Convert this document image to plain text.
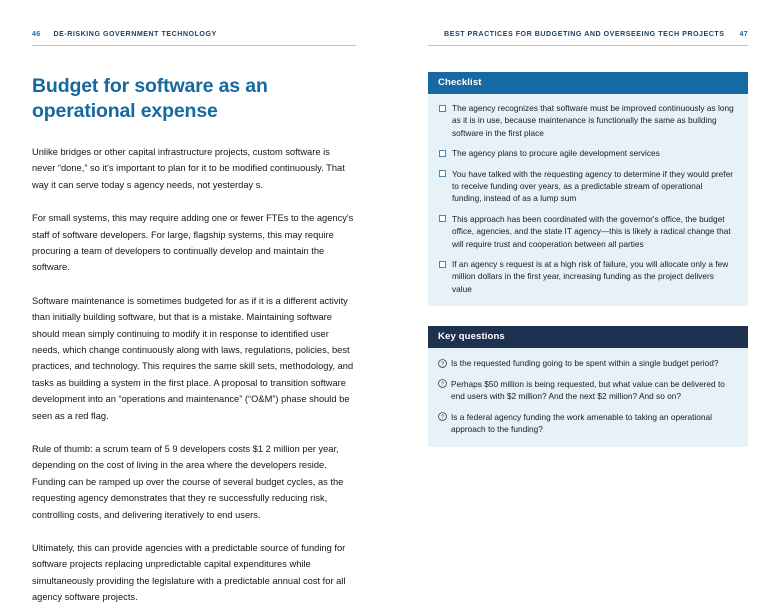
46 DE-RISKING GOVERNMENT TECHNOLOGY
Budget for software as an operational expense

Unlike bridges or other capital infrastructure projects, custom software is never “done,” so it's important to plan for it to be modified continuously. That way it can serve today s agency needs, not yesterday s.

For small systems, this may require adding one or fewer FTEs to the agency's staff of software developers. For large, flagship systems, this may require procuring a team of developers to continually develop and maintain the software.

Software maintenance is sometimes budgeted for as if it is a different activity than initially building software, but that is a mistake. Maintaining software should mean simply continuing to modify it in response to identified user needs, which change continuously along with laws, regulations, policies, best practices, and technology. This requires the same skill sets, methodology, and tasks as building a system in the first place. A proposal to transition software development into an “operations and maintenance” (“O&M”) phase should be seen as a red flag.

Rule of thumb: a scrum team of 5 9 developers costs $1 2 million per year, depending on the cost of living in the area where the developers reside. Funding can be ramped up over the course of several budget cycles, as the requesting agency demonstrates that they re successfully reducing risk, controlling costs, and delivering iteratively to end users.

Ultimately, this can provide agencies with a predictable source of funding for software projects replacing unpredictable capital expenditures while simultaneously providing the legislature with a predictable annual cost for all agency software projects.

BEST PRACTICES FOR BUDGETING AND OVERSEEING TECH PROJECTS 47
Checklist
The agency recognizes that software must be improved continuously as long as it is in use, because maintenance is functionally the same as building software in the first place
The agency plans to procure agile development services
You have talked with the requesting agency to determine if they would prefer to receive funding over years, as a predictable stream of operational funding, instead of as a lump sum
This approach has been coordinated with the governor's office, the budget office, agencies, and the state IT agency—this is likely a radical change that will require trust and cooperation between all parties
If an agency s request is at a high risk of failure, you will allocate only a few million dollars in the first year, increasing funding as the project delivers value
Key questions
? Is the requested funding going to be spent within a single budget period?
? Perhaps $50 million is being requested, but what value can be delivered to end users with $2 million? And the next $2 million? And so on?
? Is a federal agency funding the work amenable to taking an operational approach to the funding?
